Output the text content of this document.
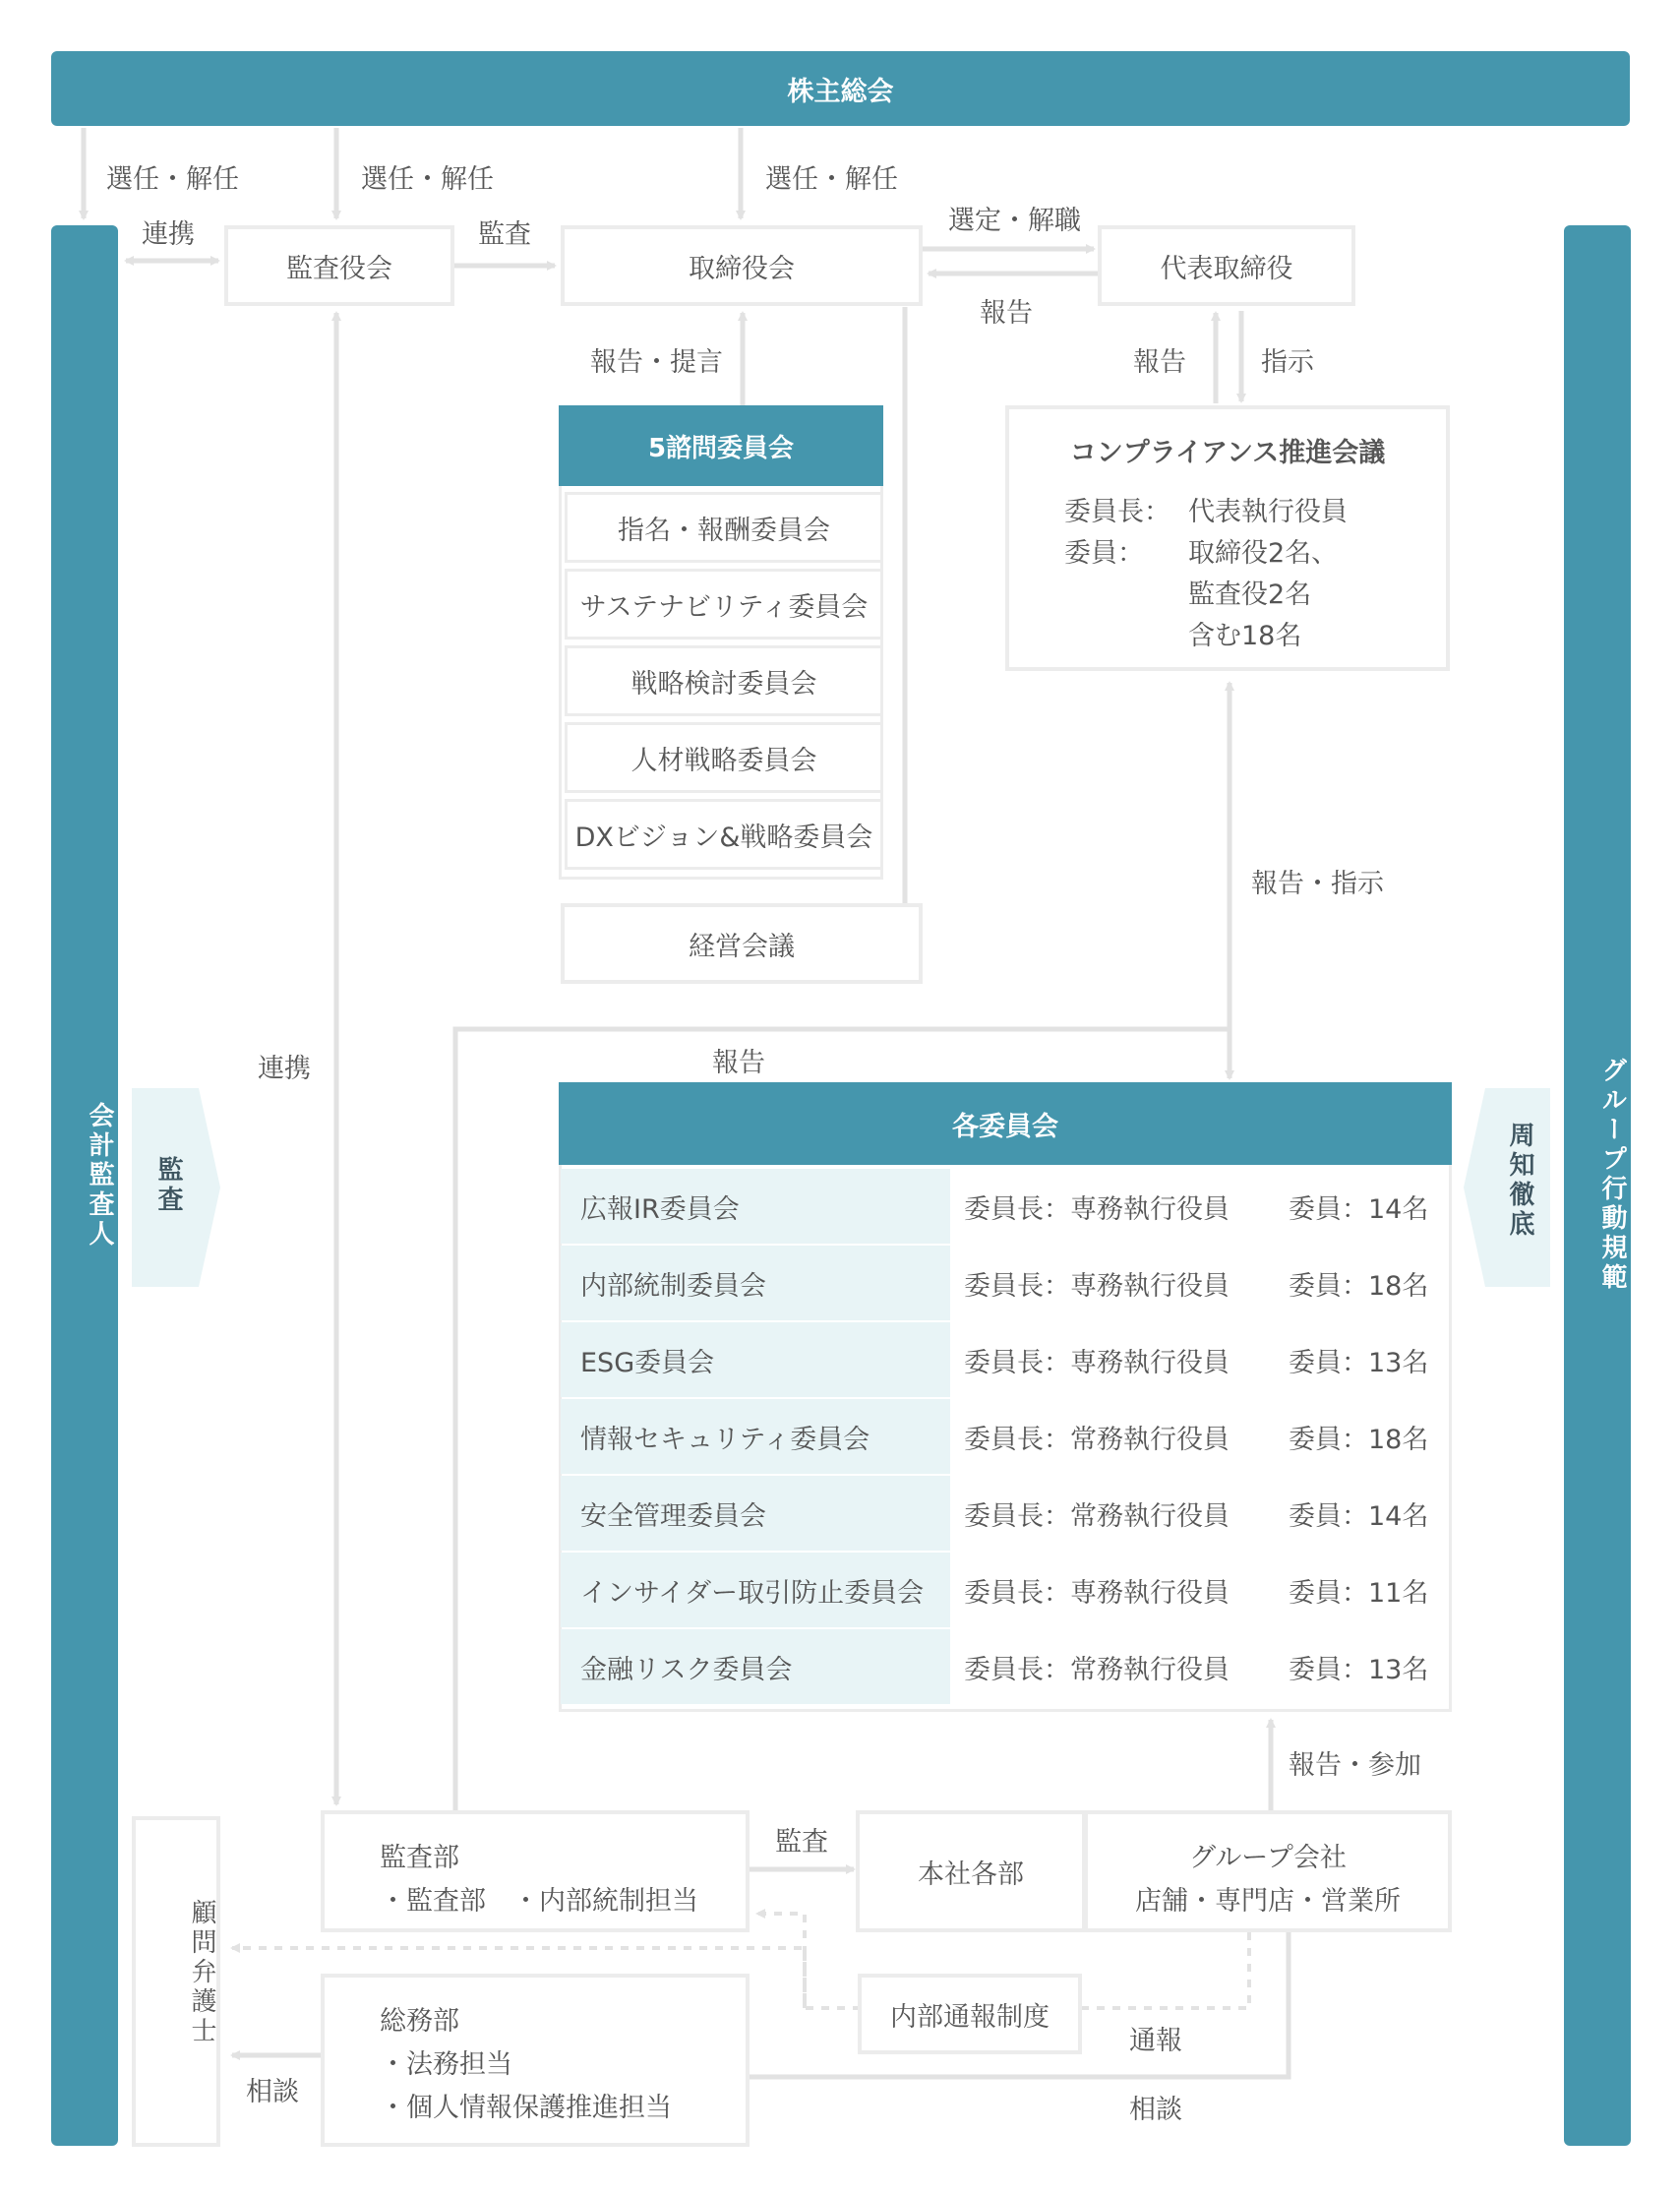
株主総会
選任・解任	選任・解任	選任・解任
会計監査人	監査	グループ行動規範
周知徹底
連携
監査役会
監査
取締役会
選定・解職
報告
代表取締役
報告・提言	報告	指示
5諮問委員会
指名・報酬委員会
サステナビリティ委員会
戦略検討委員会
人材戦略委員会
DXビジョン&戦略委員会
経営会議
コンプライアンス推進会議
委員長： 代表執行役員
委員： 取締役2名、
監査役2名
含む18名
報告・指示
連携	報告
各委員会
広報IR委員会	委員長：専務執行役員 委員：14名
内部統制委員会	委員長：専務執行役員 委員：18名
ESG委員会	委員長：専務執行役員 委員：13名
情報セキュリティ委員会	委員長：常務執行役員 委員：18名
安全管理委員会	委員長：常務執行役員 委員：14名
インサイダー取引防止委員会	委員長：専務執行役員 委員：11名
金融リスク委員会	委員長：常務執行役員 委員：13名
報告・参加
顧問弁護士
監査部
・監査部　・内部統制担当
監査
本社各部
グループ会社
店舗・専門店・営業所
総務部
・法務担当
・個人情報保護推進担当
相談
内部通報制度
通報
相談
